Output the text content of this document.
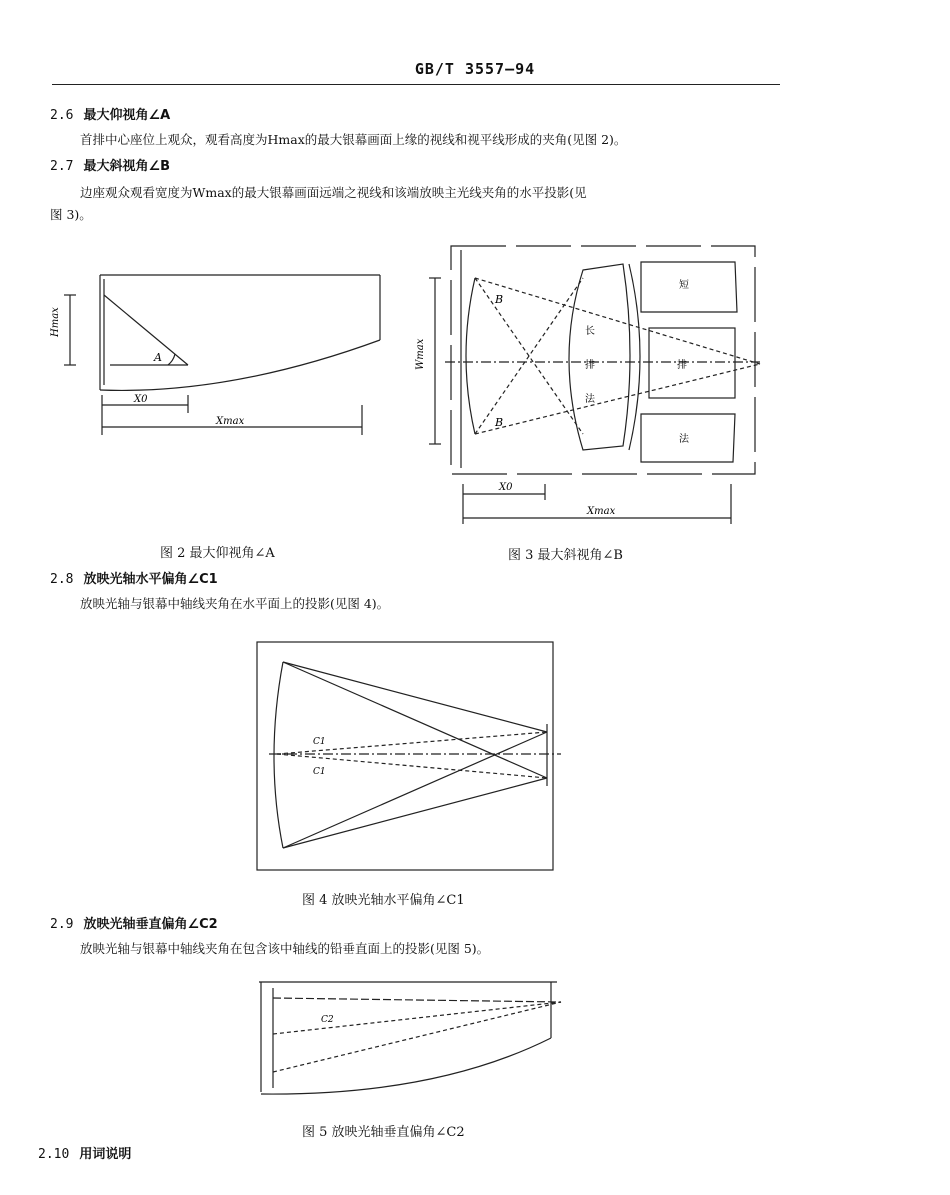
GB/T 3557—94
2.6 最大仰视角∠A
首排中心座位上观众，观看高度为Hmax的最大银幕画面上缘的视线和视平线形成的夹角(见图 2)。
2.7 最大斜视角∠B
边座观众观看宽度为Wmax的最大银幕画面远端之视线和该端放映主光线夹角的水平投影(见
图 3)。
Hmax
A
X0
Xmax
图 2 最大仰视角∠A
Wmax
B
B
长
排
法
短
排
法
X0
Xmax
图 3 最大斜视角∠B
2.8 放映光轴水平偏角∠C1
放映光轴与银幕中轴线夹角在水平面上的投影(见图 4)。
C1
C1
图 4 放映光轴水平偏角∠C1
2.9 放映光轴垂直偏角∠C2
放映光轴与银幕中轴线夹角在包含该中轴线的铅垂直面上的投影(见图 5)。
C2
图 5 放映光轴垂直偏角∠C2
2.10 用词说明
